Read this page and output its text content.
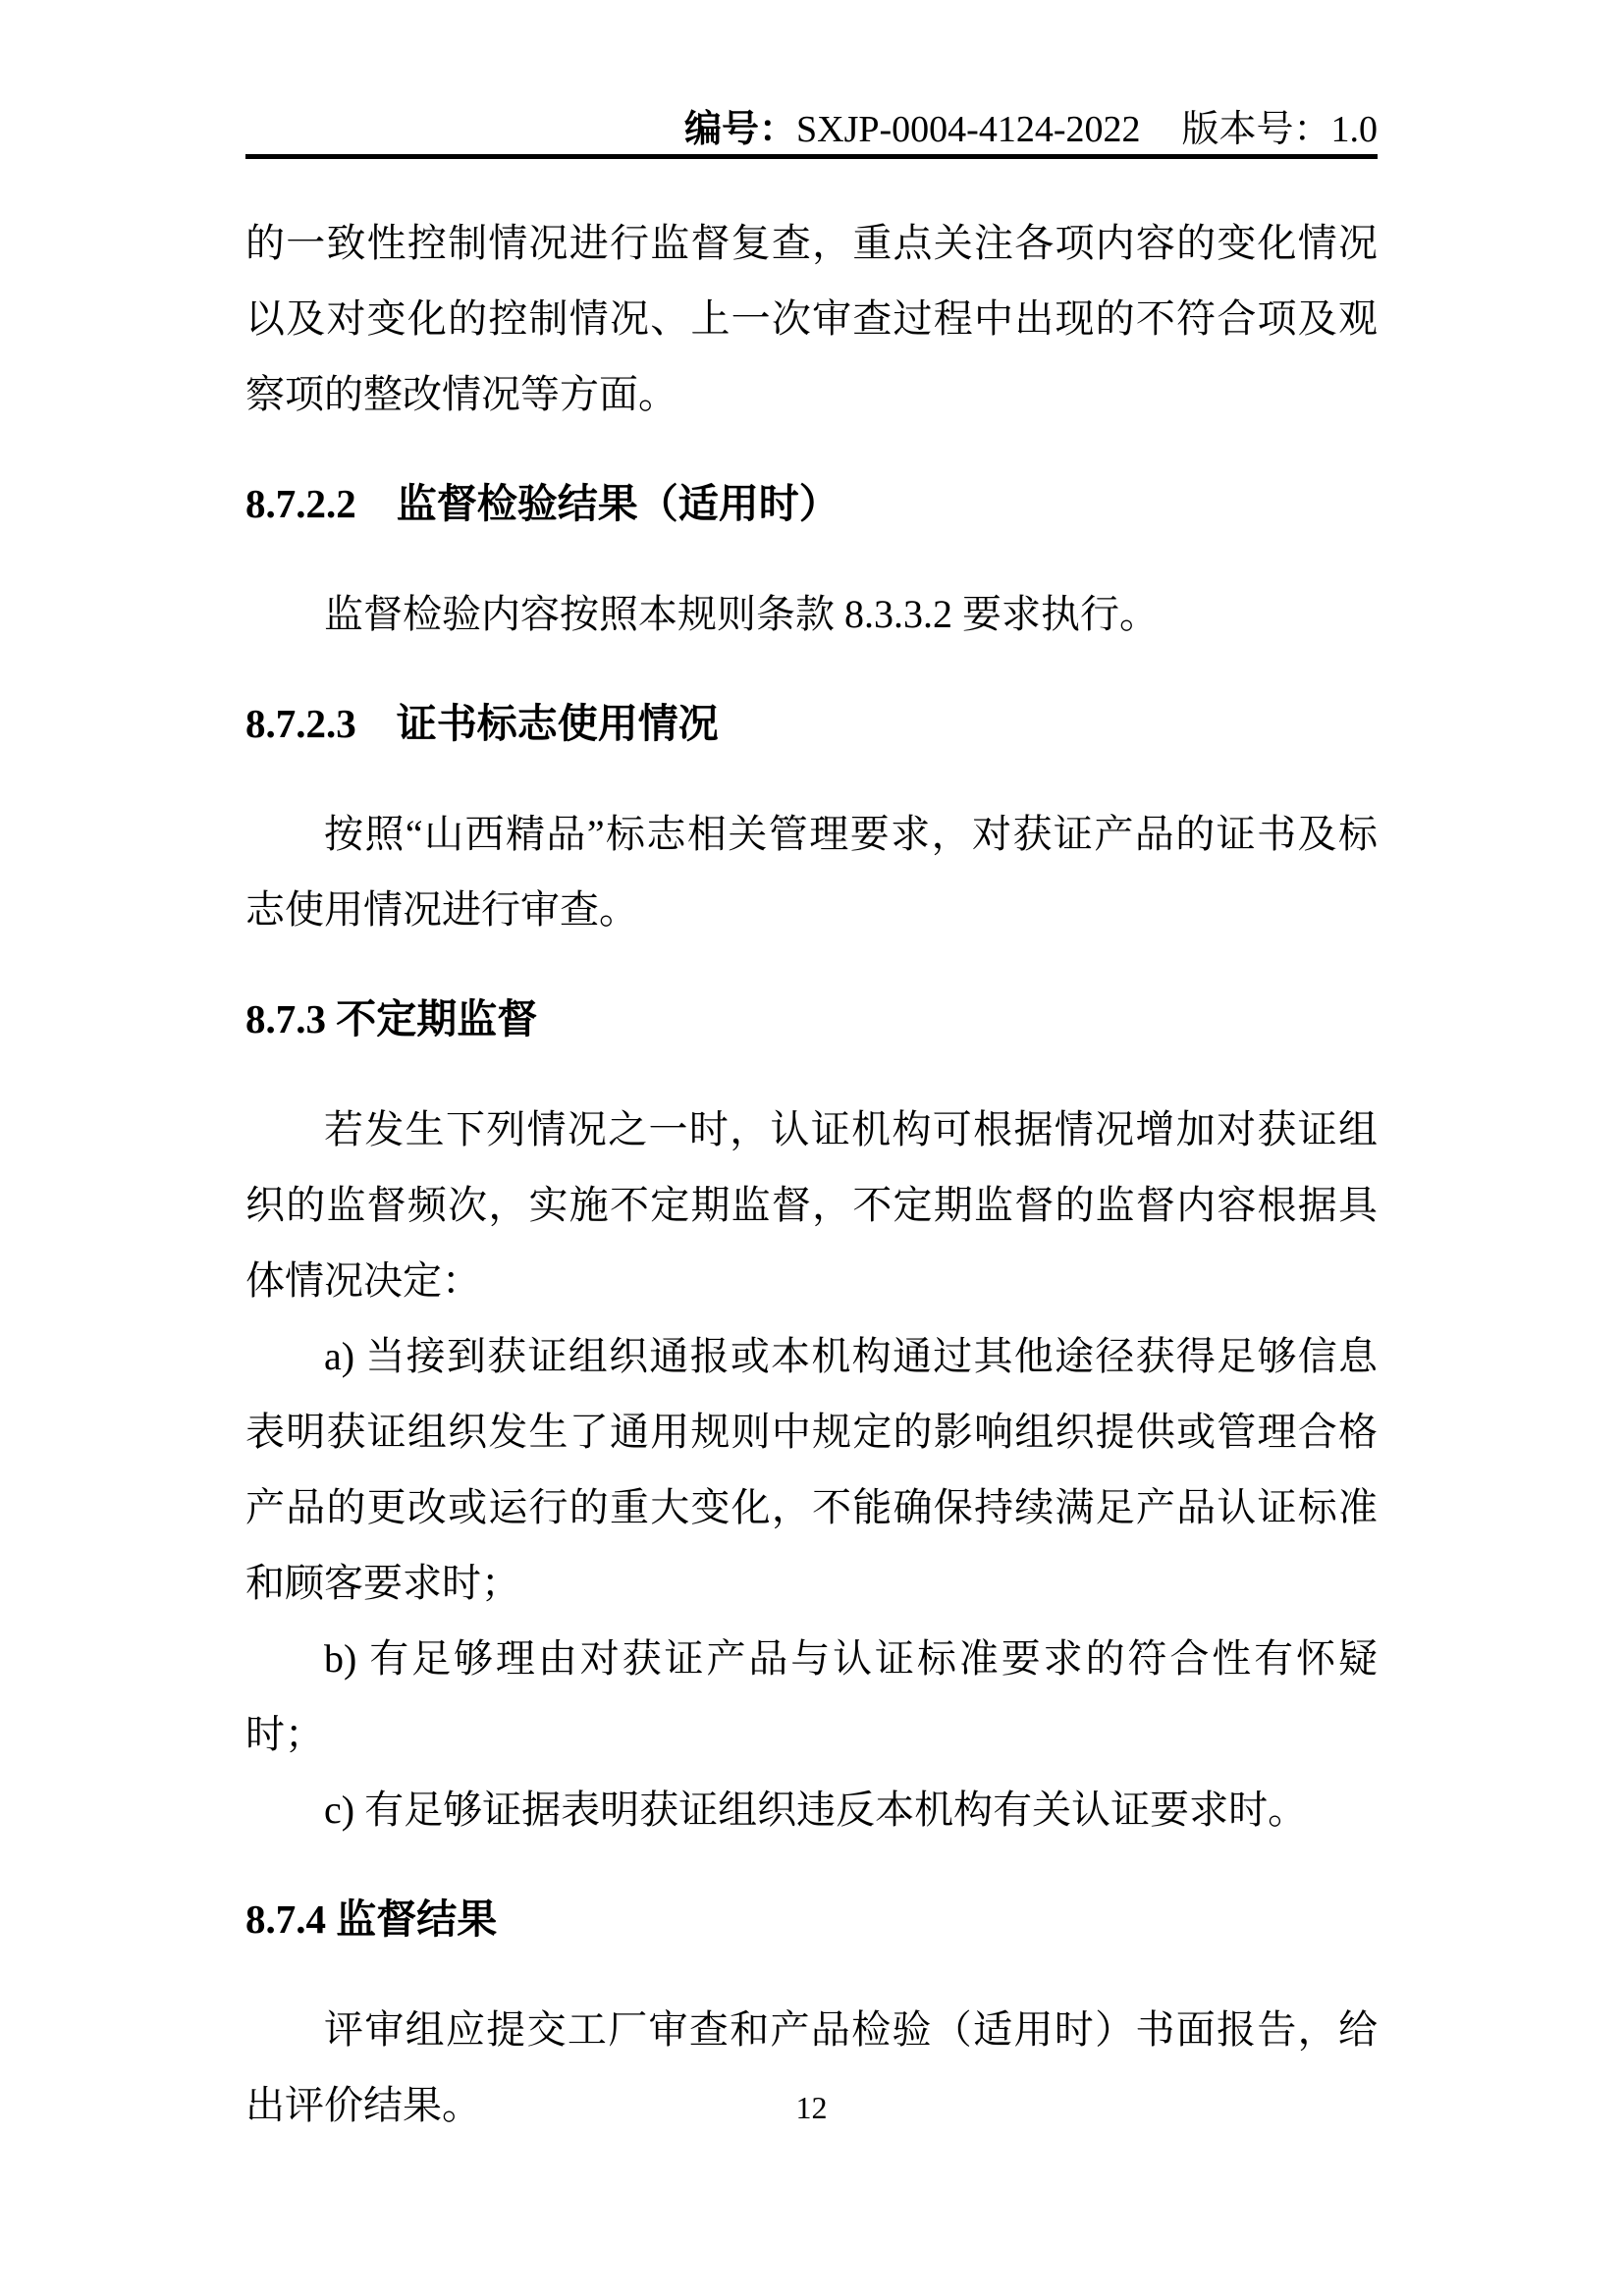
编号：SXJP-0004-4124-2022 版本号：1.0

的一致性控制情况进行监督复查，重点关注各项内容的变化情况以及对变化的控制情况、上一次审查过程中出现的不符合项及观察项的整改情况等方面。

8.7.2.2　监督检验结果（适用时）

监督检验内容按照本规则条款 8.3.3.2 要求执行。

8.7.2.3　证书标志使用情况

按照“山西精品”标志相关管理要求，对获证产品的证书及标志使用情况进行审查。

8.7.3 不定期监督

若发生下列情况之一时，认证机构可根据情况增加对获证组织的监督频次，实施不定期监督，不定期监督的监督内容根据具体情况决定：

a) 当接到获证组织通报或本机构通过其他途径获得足够信息表明获证组织发生了通用规则中规定的影响组织提供或管理合格产品的更改或运行的重大变化，不能确保持续满足产品认证标准和顾客要求时；

b) 有足够理由对获证产品与认证标准要求的符合性有怀疑时；

c) 有足够证据表明获证组织违反本机构有关认证要求时。

8.7.4 监督结果

评审组应提交工厂审查和产品检验（适用时）书面报告，给出评价结果。	12
